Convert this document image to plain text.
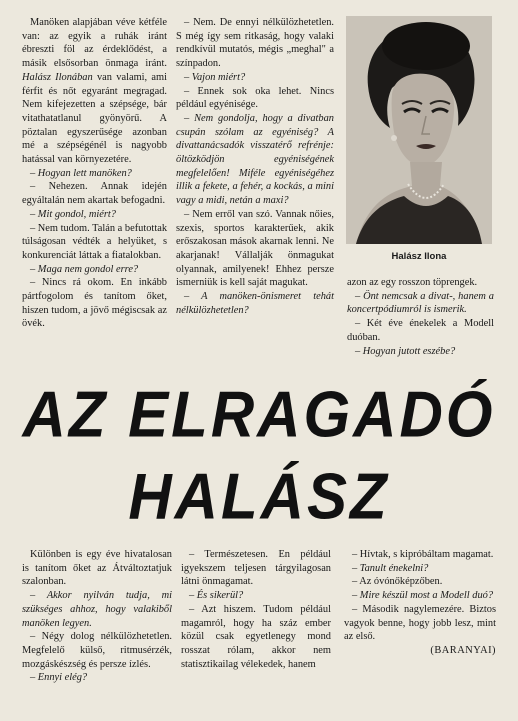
Manöken alapjában véve kétféle van: az egyik a ruhák iránt ébreszti föl az érdeklődést, a másik elsősorban önmaga iránt. Halász Ilonában van valami, ami férfit és nőt egyaránt megragad. Nem kifejezetten a szépsége, bár vitathatatlanul gyönyörű. A pöztalan egyszerűsége azonban mé a szépségénél is nagyobb hatással van környezetére.

– Hogyan lett manöken?

– Nehezen. Annak idején egyáltalán nem akartak befogadni.

– Mit gondol, miért?

– Nem tudom. Talán a befutottak túlságosan védték a helyüket, s konkurenciát láttak a fiatalokban.

– Maga nem gondol erre?

– Nincs rá okom. En inkább pártfogolom és tanítom őket, hiszen tudom, a jövő mégiscsak az övék.

– Nem. De ennyi nélkülözhetetlen. S még így sem ritkaság, hogy valaki rendkívül mutatós, mégis „meghal" a színpadon.

– Vajon miért?

– Ennek sok oka lehet. Nincs például egyénisége.

– Nem gondolja, hogy a divatban csupán szólam az egyéniség? A divattanácsadók visszatérő refrénje: öltözködjön egyéniségének megfelelően! Miféle egyéniségéhez illik a fekete, a fehér, a kockás, a mini vagy a midi, netán a maxi?

– Nem erről van szó. Vannak nőies, szexis, sportos karakterűek, akik erőszakosan mások akarnak lenni. Ne akarjanak! Vállalják önmagukat olyannak, amilyenek! Ehhez persze ismerniük is kell saját magukat.

– A manöken-önismeret tehát nélkülözhetetlen?

Halász Ilona

azon az egy rosszon töprengek.

– Önt nemcsak a divat-, hanem a koncertpódiumról is ismerik.

– Két éve énekelek a Modell duóban.

– Hogyan jutott eszébe?

AZ ELRAGADÓ
HALÁSZ

Különben is egy éve hivatalosan is tanítom őket az Átváltoztatjuk szalonban.

– Akkor nyilván tudja, mi szükséges ahhoz, hogy valakiből manöken legyen.

– Négy dolog nélkülözhetetlen. Megfelelő külső, ritmusérzék, mozgáskészség és persze ízlés.

– Ennyi elég?

– Természetesen. En például igyekszem teljesen tárgyilagosan látni önmagamat.

– És sikerül?

– Azt hiszem. Tudom például magamról, hogy ha száz ember közül csak egyetlenegy mond rosszat rólam, akkor nem statisztikailag vélekedek, hanem

– Hívtak, s kipróbáltam magamat.

– Tanult énekelni?

– Az óvónőképzőben.

– Mire készül most a Modell duó?

– Második nagylemezére. Biztos vagyok benne, hogy jobb lesz, mint az első.

(BARANYAI)
